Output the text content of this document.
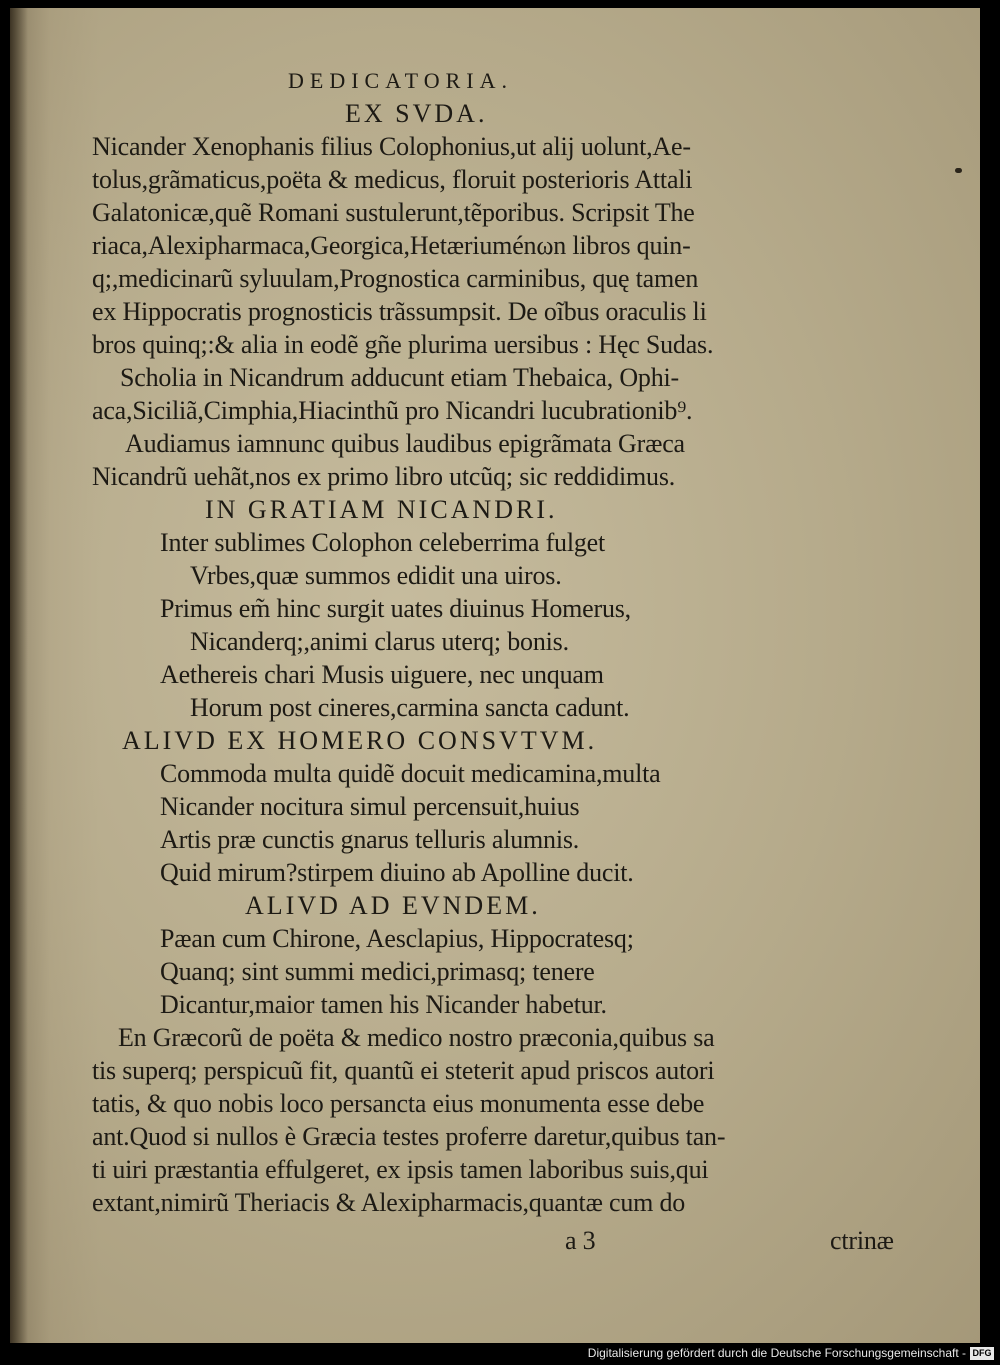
DEDICATORIA.
EX SVDA.
Nicander Xenophanis filius Colophonius,ut alij uolunt,Ae-
tolus,grãmaticus,poëta & medicus, floruit posterioris Attali
Galatonicæ,quẽ Romani sustulerunt,tẽporibus. Scripsit The
riaca,Alexipharmaca,Georgica,Hetæriuménωn libros quin-
q;,medicinarũ syluulam,Prognostica carminibus, quę tamen
ex Hippocratis prognosticis trãssumpsit. De oĩbus oraculis li
bros quinq;:& alia in eodẽ gñe plurima uersibus : Hęc Sudas.
Scholia in Nicandrum adducunt etiam Thebaica, Ophi-
aca,Siciliã,Cimphia,Hiacinthũ pro Nicandri lucubrationib⁹.
Audiamus iamnunc quibus laudibus epigrãmata Græca
Nicandrũ uehãt,nos ex primo libro utcũq; sic reddidimus.
IN GRATIAM NICANDRI.
Inter sublimes Colophon celeberrima fulget
Vrbes,quæ summos edidit una uiros.
Primus em̃ hinc surgit uates diuinus Homerus,
Nicanderq;,animi clarus uterq; bonis.
Aethereis chari Musis uiguere, nec unquam
Horum post cineres,carmina sancta cadunt.
ALIVD EX HOMERO CONSVTVM.
Commoda multa quidẽ docuit medicamina,multa
Nicander nocitura simul percensuit,huius
Artis præ cunctis gnarus telluris alumnis.
Quid mirum?stirpem diuino ab Apolline ducit.
ALIVD AD EVNDEM.
Pæan cum Chirone, Aesclapius, Hippocratesq;
Quanq; sint summi medici,primasq; tenere
Dicantur,maior tamen his Nicander habetur.
En Græcorũ de poëta & medico nostro præconia,quibus sa
tis superq; perspicuũ fit, quantũ ei steterit apud priscos autori
tatis, & quo nobis loco persancta eius monumenta esse debe
ant.Quod si nullos è Græcia testes proferre daretur,quibus tan-
ti uiri præstantia effulgeret, ex ipsis tamen laboribus suis,qui
extant,nimirũ Theriacis & Alexipharmacis,quantæ cum do
a 3	ctrinæ
Digitalisierung gefördert durch die Deutsche Forschungsgemeinschaft - DFG
